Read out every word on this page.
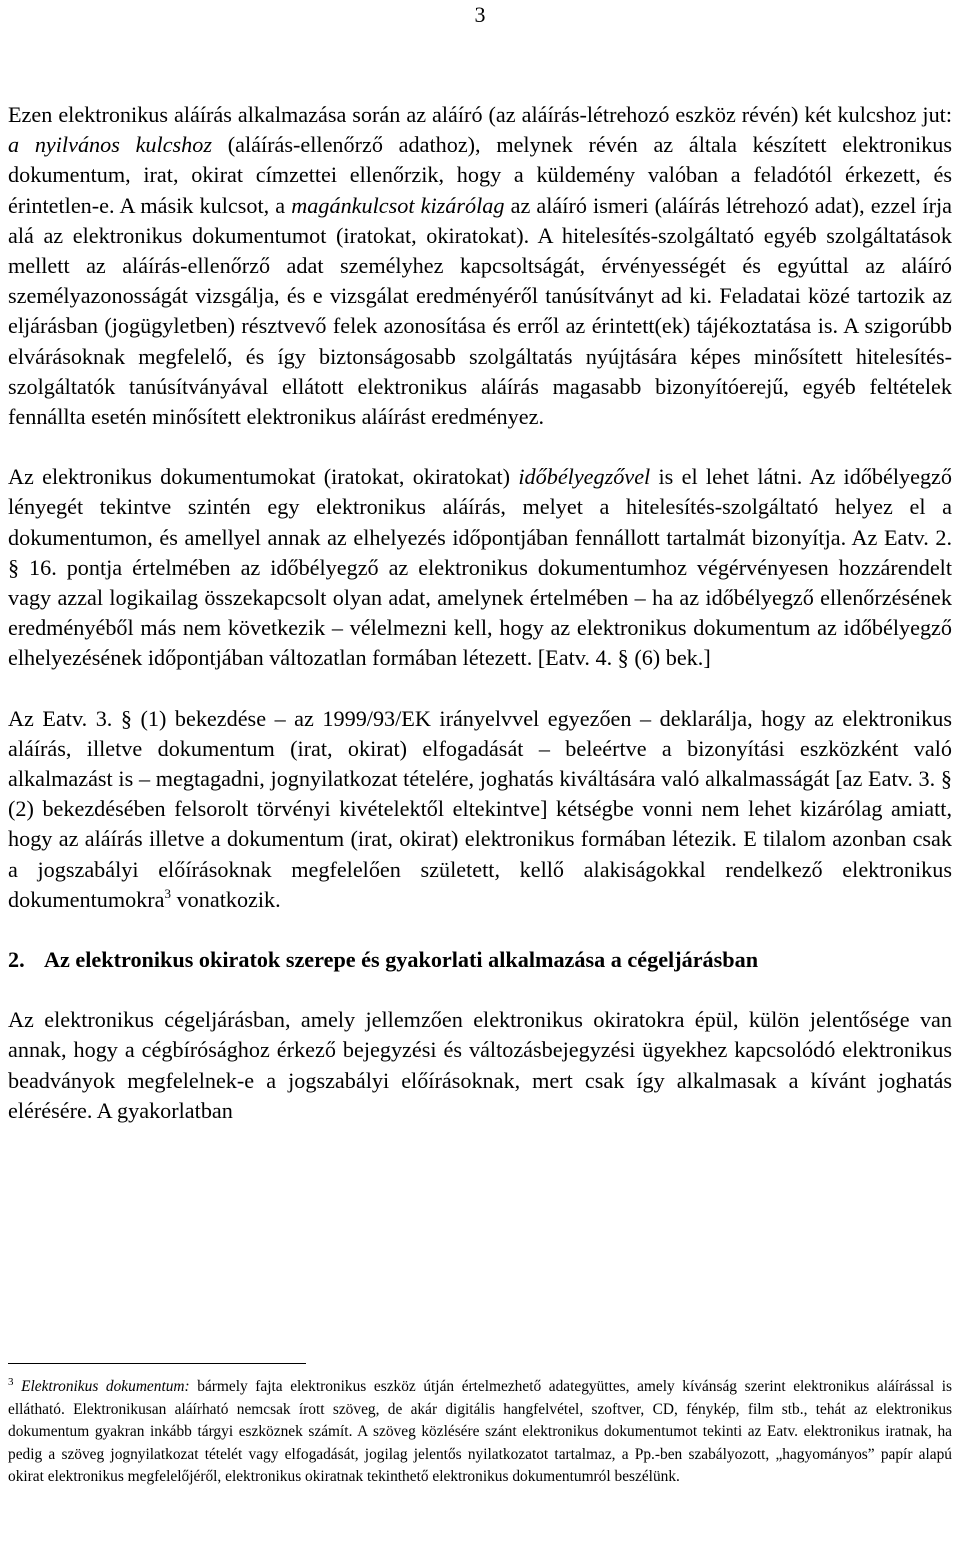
3

Ezen elektronikus aláírás alkalmazása során az aláíró (az aláírás-létrehozó eszköz révén) két kulcshoz jut: a nyilvános kulcshoz (aláírás-ellenőrző adathoz), melynek révén az általa készített elektronikus dokumentum, irat, okirat címzettei ellenőrzik, hogy a küldemény valóban a feladótól érkezett, és érintetlen-e. A másik kulcsot, a magánkulcsot kizárólag az aláíró ismeri (aláírás létrehozó adat), ezzel írja alá az elektronikus dokumentumot (iratokat, okiratokat). A hitelesítés-szolgáltató egyéb szolgáltatások mellett az aláírás-ellenőrző adat személyhez kapcsoltságát, érvényességét és egyúttal az aláíró személyazonosságát vizsgálja, és e vizsgálat eredményéről tanúsítványt ad ki. Feladatai közé tartozik az eljárásban (jogügyletben) résztvevő felek azonosítása és erről az érintett(ek) tájékoztatása is. A szigorúbb elvárásoknak megfelelő, és így biztonságosabb szolgáltatás nyújtására képes minősített hitelesítés-szolgáltatók tanúsítványával ellátott elektronikus aláírás magasabb bizonyítóerejű, egyéb feltételek fennállta esetén minősített elektronikus aláírást eredményez.

Az elektronikus dokumentumokat (iratokat, okiratokat) időbélyegzővel is el lehet látni. Az időbélyegző lényegét tekintve szintén egy elektronikus aláírás, melyet a hitelesítés-szolgáltató helyez el a dokumentumon, és amellyel annak az elhelyezés időpontjában fennállott tartalmát bizonyítja. Az Eatv. 2. § 16. pontja értelmében az időbélyegző az elektronikus dokumentumhoz végérvényesen hozzárendelt vagy azzal logikailag összekapcsolt olyan adat, amelynek értelmében – ha az időbélyegző ellenőrzésének eredményéből más nem következik – vélelmezni kell, hogy az elektronikus dokumentum az időbélyegző elhelyezésének időpontjában változatlan formában létezett. [Eatv. 4. § (6) bek.]

Az Eatv. 3. § (1) bekezdése – az 1999/93/EK irányelvvel egyezően – deklarálja, hogy az elektronikus aláírás, illetve dokumentum (irat, okirat) elfogadását – beleértve a bizonyítási eszközként való alkalmazást is – megtagadni, jognyilatkozat tételére, joghatás kiváltására való alkalmasságát [az Eatv. 3. § (2) bekezdésében felsorolt törvényi kivételektől eltekintve] kétségbe vonni nem lehet kizárólag amiatt, hogy az aláírás illetve a dokumentum (irat, okirat) elektronikus formában létezik. E tilalom azonban csak a jogszabályi előírásoknak megfelelően született, kellő alakiságokkal rendelkező elektronikus dokumentumokra$^3$ vonatkozik.

2. Az elektronikus okiratok szerepe és gyakorlati alkalmazása a cégeljárásban

Az elektronikus cégeljárásban, amely jellemzően elektronikus okiratokra épül, külön jelentősége van annak, hogy a cégbírósághoz érkező bejegyzési és változásbejegyzési ügyekhez kapcsolódó elektronikus beadványok megfelelnek-e a jogszabályi előírásoknak, mert csak így alkalmasak a kívánt joghatás elérésére. A gyakorlatban

$^3$ Elektronikus dokumentum: bármely fajta elektronikus eszköz útján értelmezhető adategyüttes, amely kívánság szerint elektronikus aláírással is ellátható. Elektronikusan aláírható nemcsak írott szöveg, de akár digitális hangfelvétel, szoftver, CD, fénykép, film stb., tehát az elektronikus dokumentum gyakran inkább tárgyi eszköznek számít. A szöveg közlésére szánt elektronikus dokumentumot tekinti az Eatv. elektronikus iratnak, ha pedig a szöveg jognyilatkozat tételét vagy elfogadását, jogilag jelentős nyilatkozatot tartalmaz, a Pp.-ben szabályozott, „hagyományos” papír alapú okirat elektronikus megfelelőjéről, elektronikus okiratnak tekinthető elektronikus dokumentumról beszélünk.
